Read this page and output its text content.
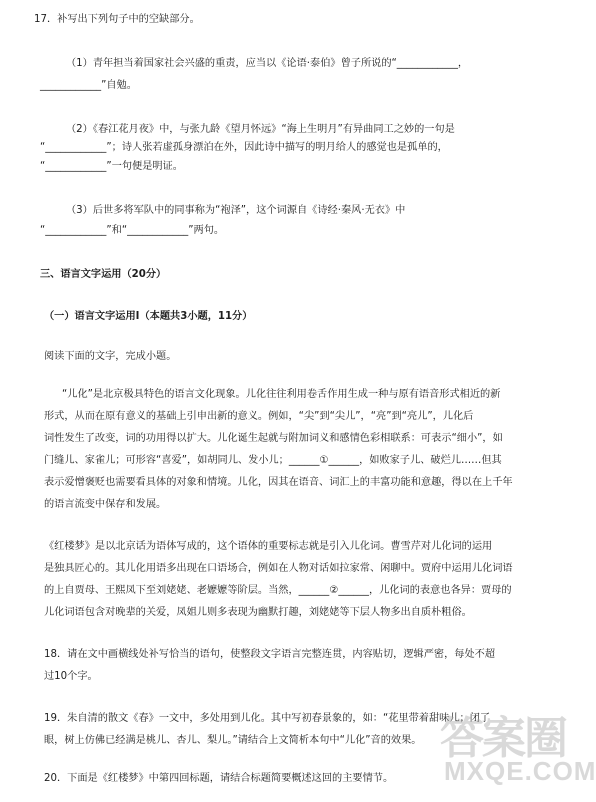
17．补写出下列句子中的空缺部分。
（1）青年担当着国家社会兴盛的重责，应当以《论语·泰伯》曾子所说的“____________，
____________”自勉。
（2）《春江花月夜》中，与张九龄《望月怀远》“海上生明月”有异曲同工之妙的一句是
“____________”；诗人张若虚孤身漂泊在外，因此诗中描写的明月给人的感觉也是孤单的，
“____________”一句便是明证。
（3）后世多将军队中的同事称为“袍泽”，这个词源自《诗经·秦风·无衣》中
“____________”和“____________”两句。
三、语言文字运用（20分）
（一）语言文字运用Ⅰ（本题共3小题，11分）
阅读下面的文字，完成小题。
“儿化”是北京极具特色的语言文化现象。儿化往往利用卷舌作用生成一种与原有语音形式相近的新
形式，从而在原有意义的基础上引申出新的意义。例如，“尖”到“尖儿”，“亮”到“亮儿”，儿化后
词性发生了改变，词的功用得以扩大。儿化诞生起就与附加词义和感情色彩相联系：可表示“细小”，如
门缝儿、家雀儿；可形容“喜爱”，如胡同儿、发小儿；______①______，如败家子儿、破烂儿……但其
表示爱憎褒贬也需要看具体的对象和情境。儿化，因其在语音、词汇上的丰富功能和意趣，得以在上千年
的语言流变中保存和发展。
《红楼梦》是以北京话为语体写成的，这个语体的重要标志就是引入儿化词。曹雪芹对儿化词的运用
是独具匠心的。其儿化用语多出现在口语场合，例如在人物对话如拉家常、闲聊中。贾府中运用儿化词语
的上自贾母、王熙凤下至刘姥姥、老嬷嬷等阶层。当然，______②______，儿化词的表意也各异：贾母的
儿化词语包含对晚辈的关爱，凤姐儿则多表现为幽默打趣，刘姥姥等下层人物多出自质朴粗俗。
18．请在文中画横线处补写恰当的语句，使整段文字语言完整连贯，内容贴切，逻辑严密，每处不超
过10个字。
19．朱自清的散文《春》一文中，多处用到儿化。其中写初春景象的，如：“花里带着甜味儿；闭了
眼，树上仿佛已经满是桃儿、杏儿、梨儿。”请结合上文简析本句中“儿化”音的效果。
20．下面是《红楼梦》中第四回标题，请结合标题简要概述这回的主要情节。
答案圈
MXQE.COM
